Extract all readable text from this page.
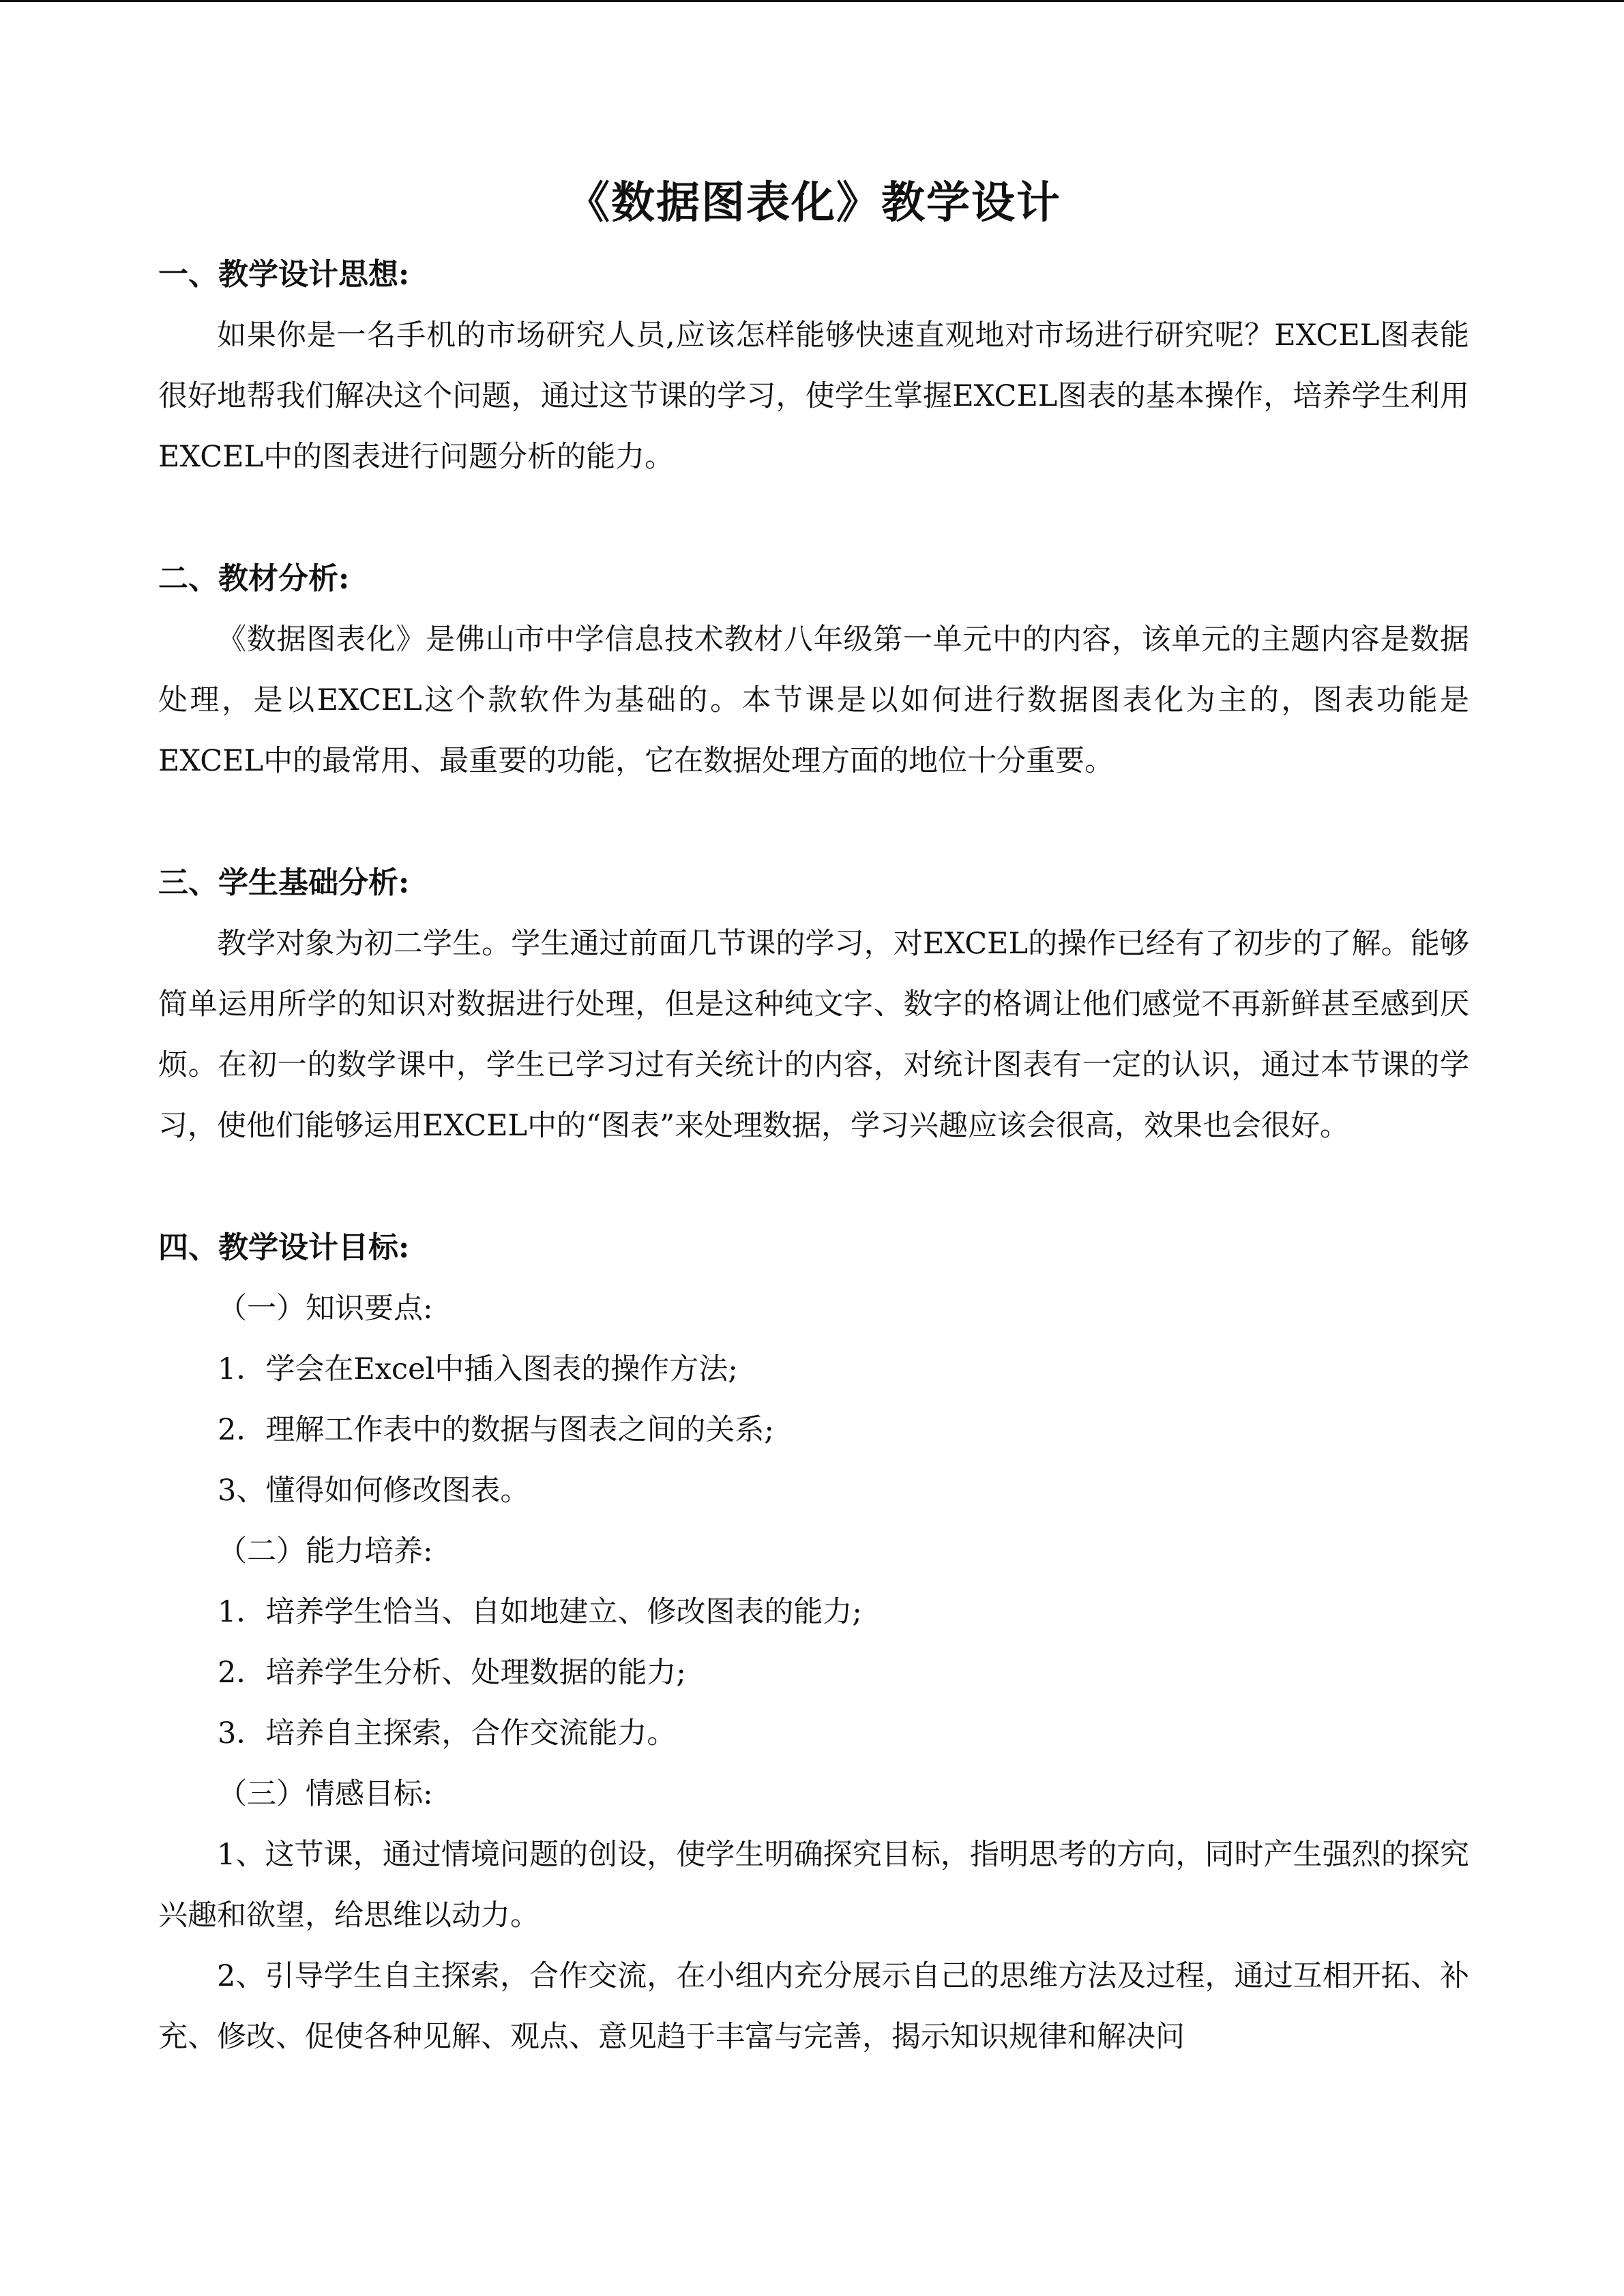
《数据图表化》教学设计
一、教学设计思想:

如果你是一名手机的市场研究人员,应该怎样能够快速直观地对市场进行研究呢？EXCEL图表能很好地帮我们解决这个问题，通过这节课的学习，使学生掌握EXCEL图表的基本操作，培养学生利用EXCEL中的图表进行问题分析的能力。

二、教材分析:

《数据图表化》是佛山市中学信息技术教材八年级第一单元中的内容，该单元的主题内容是数据处理，是以EXCEL这个款软件为基础的。本节课是以如何进行数据图表化为主的，图表功能是EXCEL中的最常用、最重要的功能，它在数据处理方面的地位十分重要。

三、学生基础分析:

教学对象为初二学生。学生通过前面几节课的学习，对EXCEL的操作已经有了初步的了解。能够简单运用所学的知识对数据进行处理，但是这种纯文字、数字的格调让他们感觉不再新鲜甚至感到厌烦。在初一的数学课中，学生已学习过有关统计的内容，对统计图表有一定的认识，通过本节课的学习，使他们能够运用EXCEL中的“图表”来处理数据，学习兴趣应该会很高，效果也会很好。

四、教学设计目标:

（一）知识要点:

1．学会在Excel中插入图表的操作方法;

2．理解工作表中的数据与图表之间的关系;

3、懂得如何修改图表。

（二）能力培养:

1．培养学生恰当、自如地建立、修改图表的能力;

2．培养学生分析、处理数据的能力;

3．培养自主探索，合作交流能力。

（三）情感目标:

1、这节课，通过情境问题的创设，使学生明确探究目标，指明思考的方向，同时产生强烈的探究兴趣和欲望，给思维以动力。

2、引导学生自主探索，合作交流，在小组内充分展示自己的思维方法及过程，通过互相开拓、补充、修改、促使各种见解、观点、意见趋于丰富与完善，揭示知识规律和解决问
